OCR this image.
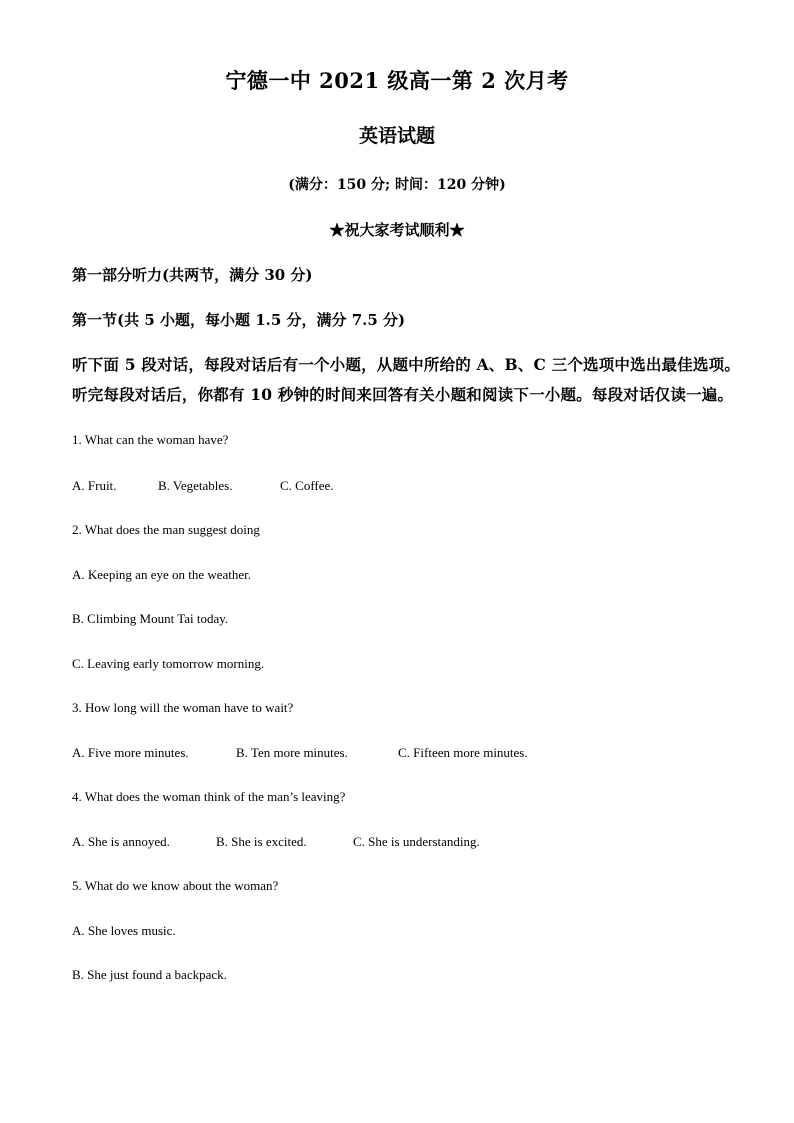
宁德一中 2021 级高一第 2 次月考
英语试题
(满分：150 分; 时间：120 分钟)
★祝大家考试顺利★
第一部分听力(共两节，满分 30 分)
第一节(共 5 小题，每小题 1.5 分，满分 7.5 分)
听下面 5 段对话，每段对话后有一个小题，从题中所给的 A、B、C 三个选项中选出最佳选项。
听完每段对话后，你都有 10 秒钟的时间来回答有关小题和阅读下一小题。每段对话仅读一遍。
1. What can the woman have?
A. Fruit.	B. Vegetables.	C. Coffee.
2. What does the man suggest doing
A. Keeping an eye on the weather.
B. Climbing Mount Tai today.
C. Leaving early tomorrow morning.
3. How long will the woman have to wait?
A. Five more minutes.	B. Ten more minutes.	C. Fifteen more minutes.
4. What does the woman think of the man’s leaving?
A. She is annoyed.	B. She is excited.	C. She is understanding.
5. What do we know about the woman?
A. She loves music.
B. She just found a backpack.
